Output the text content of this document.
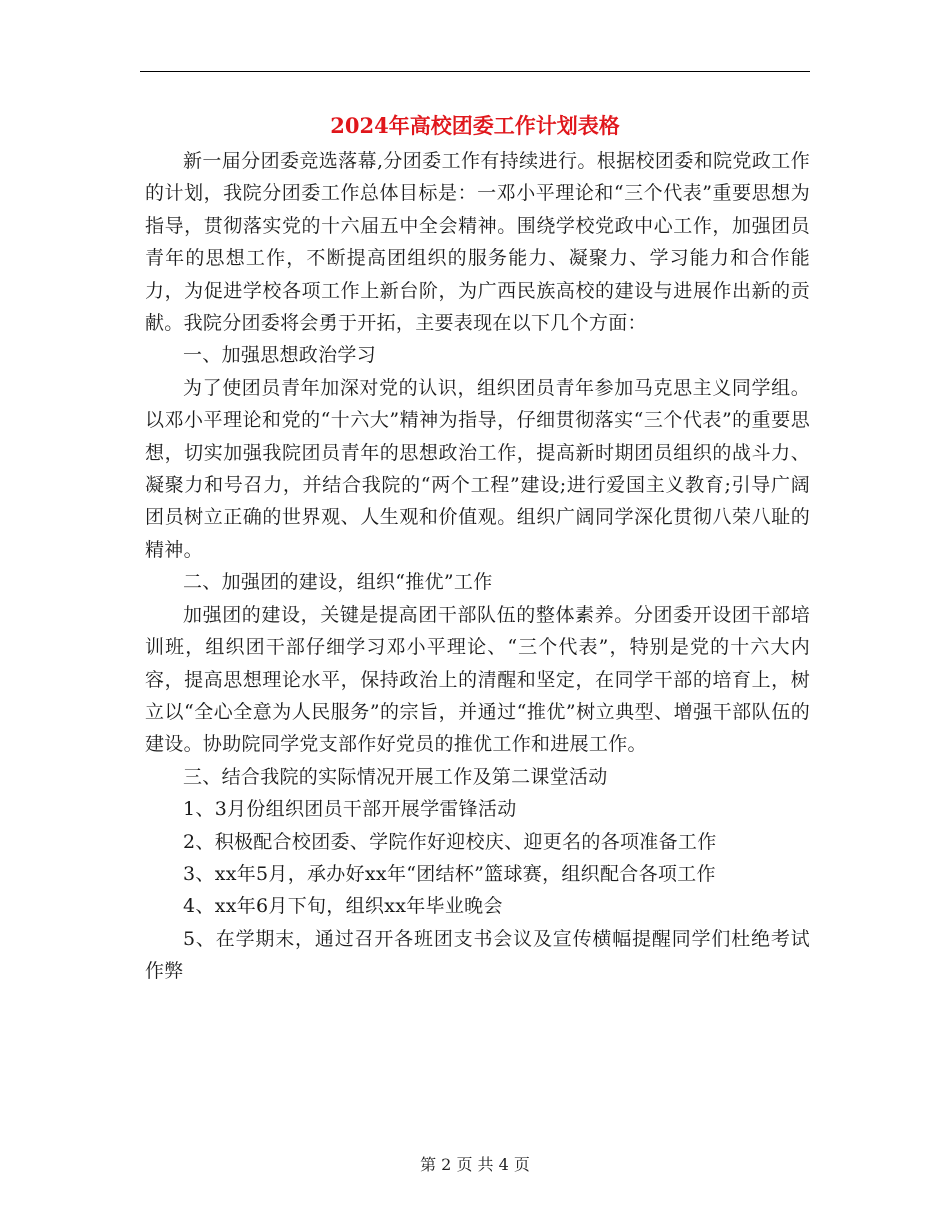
2024年高校团委工作计划表格

新一届分团委竞选落幕,分团委工作有持续进行。根据校团委和院党政工作的计划，我院分团委工作总体目标是：一邓小平理论和“三个代表”重要思想为指导，贯彻落实党的十六届五中全会精神。围绕学校党政中心工作，加强团员青年的思想工作，不断提高团组织的服务能力、凝聚力、学习能力和合作能力，为促进学校各项工作上新台阶，为广西民族高校的建设与进展作出新的贡献。我院分团委将会勇于开拓，主要表现在以下几个方面：

一、加强思想政治学习

为了使团员青年加深对党的认识，组织团员青年参加马克思主义同学组。以邓小平理论和党的“十六大”精神为指导，仔细贯彻落实“三个代表”的重要思想，切实加强我院团员青年的思想政治工作，提高新时期团员组织的战斗力、凝聚力和号召力，并结合我院的“两个工程”建设;进行爱国主义教育;引导广阔团员树立正确的世界观、人生观和价值观。组织广阔同学深化贯彻八荣八耻的精神。

二、加强团的建设，组织“推优”工作

加强团的建设，关键是提高团干部队伍的整体素养。分团委开设团干部培训班，组织团干部仔细学习邓小平理论、“三个代表”，特别是党的十六大内容，提高思想理论水平，保持政治上的清醒和坚定，在同学干部的培育上，树立以“全心全意为人民服务”的宗旨，并通过“推优”树立典型、增强干部队伍的建设。协助院同学党支部作好党员的推优工作和进展工作。

三、结合我院的实际情况开展工作及第二课堂活动

1、3月份组织团员干部开展学雷锋活动

2、积极配合校团委、学院作好迎校庆、迎更名的各项准备工作

3、xx年5月，承办好xx年“团结杯”篮球赛，组织配合各项工作

4、xx年6月下旬，组织xx年毕业晚会

5、在学期末，通过召开各班团支书会议及宣传横幅提醒同学们杜绝考试作弊

第 2 页 共 4 页
